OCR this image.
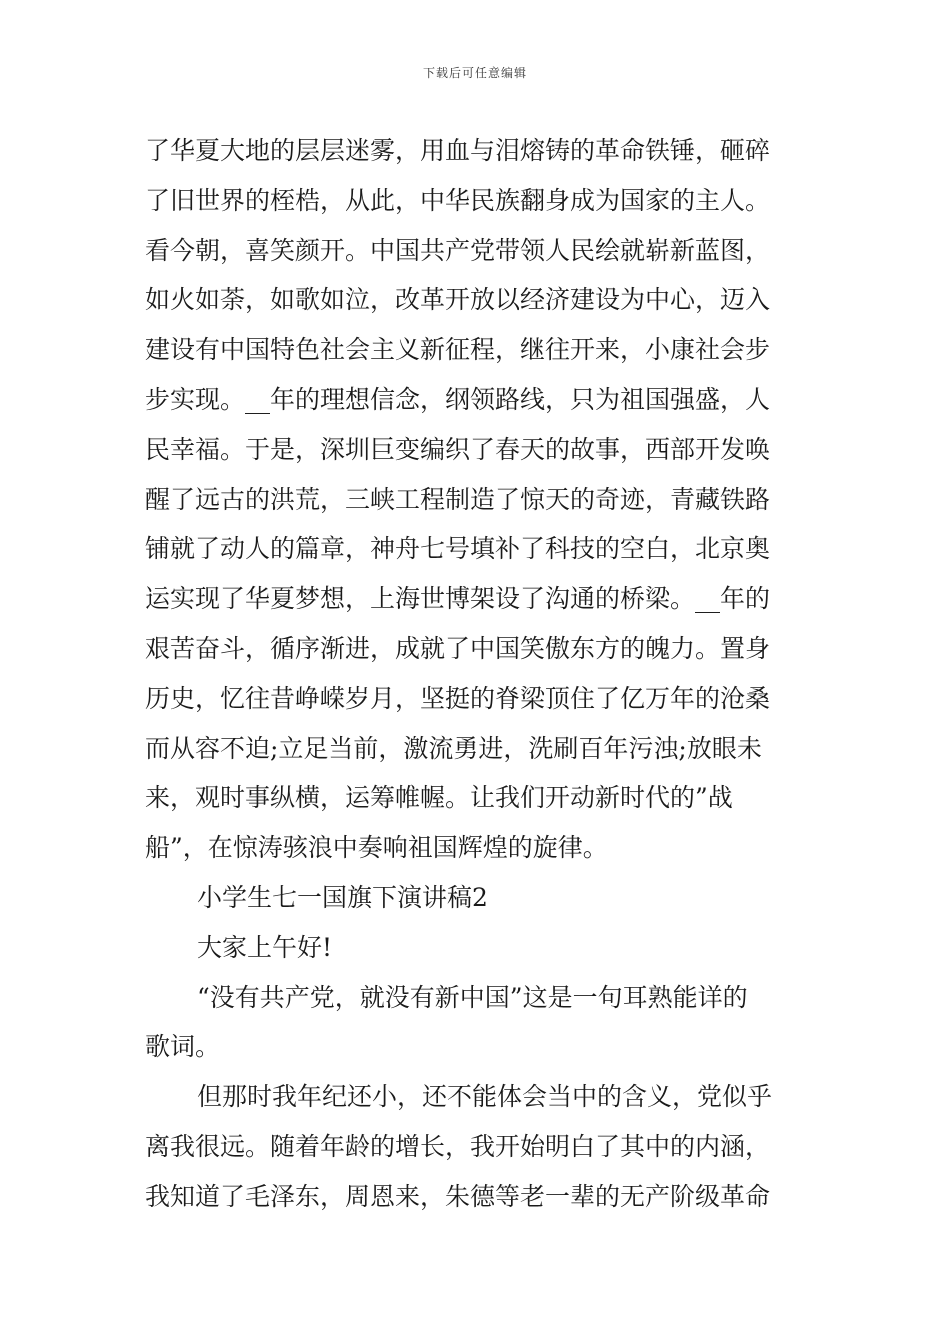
下载后可任意编辑
了华夏大地的层层迷雾，用血与泪熔铸的革命铁锤，砸碎
了旧世界的桎梏，从此，中华民族翻身成为国家的主人。
看今朝，喜笑颜开。中国共产党带领人民绘就崭新蓝图，
如火如荼，如歌如泣，改革开放以经济建设为中心，迈入
建设有中国特色社会主义新征程，继往开来，小康社会步
步实现。__年的理想信念，纲领路线，只为祖国强盛，人
民幸福。于是，深圳巨变编织了春天的故事，西部开发唤
醒了远古的洪荒，三峡工程制造了惊天的奇迹，青藏铁路
铺就了动人的篇章，神舟七号填补了科技的空白，北京奥
运实现了华夏梦想，上海世博架设了沟通的桥梁。__年的
艰苦奋斗，循序渐进，成就了中国笑傲东方的魄力。置身
历史，忆往昔峥嵘岁月，坚挺的脊梁顶住了亿万年的沧桑
而从容不迫;立足当前，激流勇进，洗刷百年污浊;放眼未
来，观时事纵横，运筹帷幄。让我们开动新时代的”战
船”，在惊涛骇浪中奏响祖国辉煌的旋律。
小学生七一国旗下演讲稿2
大家上午好!
“没有共产党，就没有新中国”这是一句耳熟能详的
歌词。
但那时我年纪还小，还不能体会当中的含义，党似乎
离我很远。随着年龄的增长，我开始明白了其中的内涵，
我知道了毛泽东，周恩来，朱德等老一辈的无产阶级革命
